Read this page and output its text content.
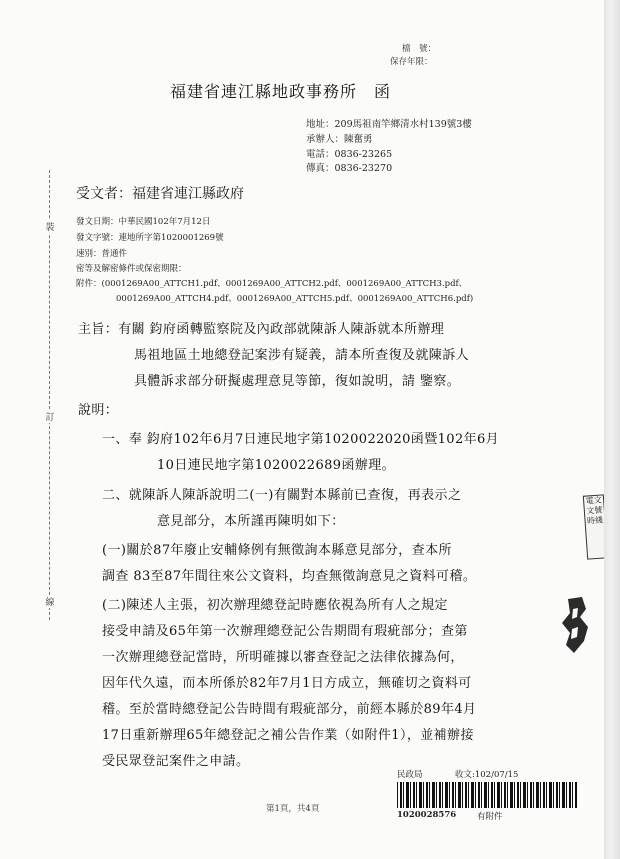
檔　號：
保存年限：
福建省連江縣地政事務所　函
地址：209馬祖南竿鄉清水村139號3樓
承辦人：陳奮勇
電話：0836-23265
傳真：0836-23270
受文者：福建省連江縣政府
發文日期：中華民國102年7月12日
發文字號：連地所字第1020001269號
速別：普通件
密等及解密條件或保密期限：
附件：(0001269A00_ATTCH1.pdf、0001269A00_ATTCH2.pdf、0001269A00_ATTCH3.pdf、
0001269A00_ATTCH4.pdf、0001269A00_ATTCH5.pdf、0001269A00_ATTCH6.pdf)
裝
訂
線
主旨：有關 鈞府函轉監察院及內政部就陳訴人陳訴就本所辦理
馬祖地區土地總登記案涉有疑義，請本所查復及就陳訴人
具體訴求部分研擬處理意見等節，復如說明，請 鑒察。
說明：
一、奉 鈞府102年6月7日連民地字第1020022020函暨102年6月
10日連民地字第1020022689函辦理。
二、就陳訴人陳訴說明二(一)有關對本縣前已查復，再表示之
意見部分，本所謹再陳明如下：
(一)關於87年廢止安輔條例有無徵詢本縣意見部分，查本所
調查 83至87年間往來公文資料，均查無徵詢意見之資料可稽。
(二)陳述人主張，初次辦理總登記時應依視為所有人之規定
接受申請及65年第一次辦理總登記公告期間有瑕疵部分；查第
一次辦理總登記當時，所明確據以審查登記之法律依據為何，
因年代久遠，而本所係於82年7月1日方成立，無確切之資料可
稽。至於當時總登記公告時間有瑕疵部分，前經本縣於89年4月
17日重新辦理65年總登記之補公告作業（如附件1），並補辦接
受民眾登記案件之申請。
電文
文號
時綫
民政局	收文:102/07/15
1020028576 有附件
第1頁，共4頁
